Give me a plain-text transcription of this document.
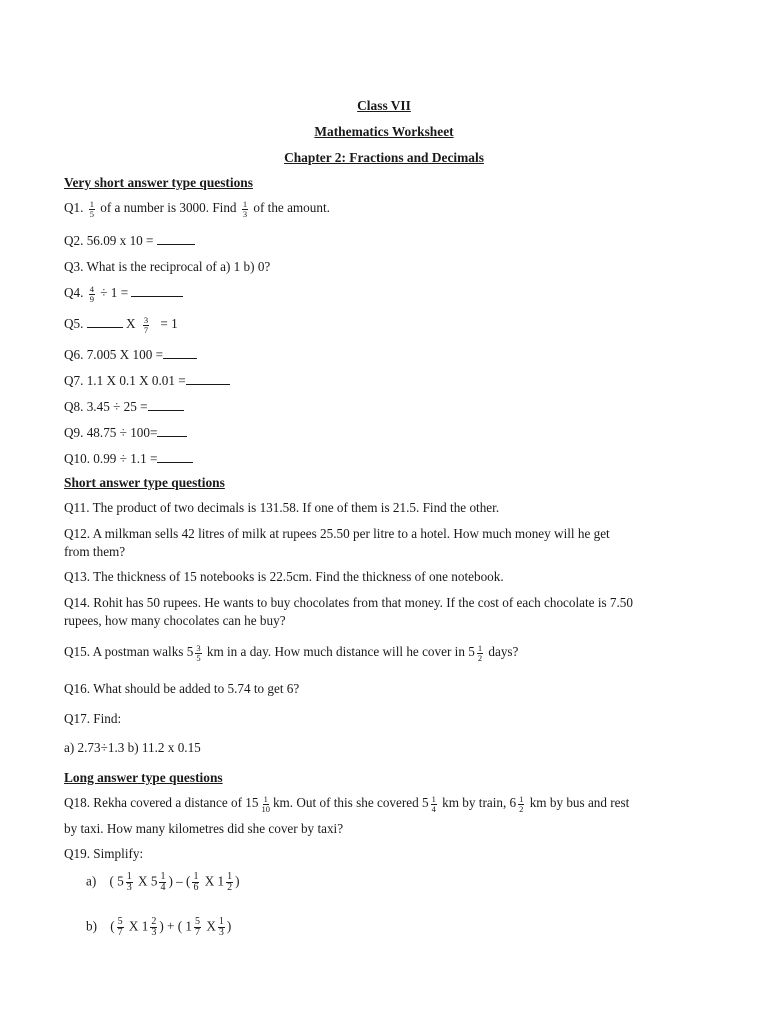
Class VII
Mathematics Worksheet
Chapter 2: Fractions and Decimals
Very short answer type questions
Q1. $\frac{1}{5}$ of a number is 3000. Find $\frac{1}{3}$ of the amount.
Q2. 56.09 x 10 =
Q3. What is the reciprocal of a) 1 b) 0?
Q4. $\frac{4}{9} \div 1$ =
Q5.	X $\frac{3}{7} = 1$
Q6. 7.005 X 100 =
Q7. 1.1 X 0.1 X 0.01 =
Q8. 3.45 ÷ 25 =
Q9. 48.75 ÷ 100=
Q10. 0.99 ÷ 1.1 =
Short answer type questions
Q11. The product of two decimals is 131.58. If one of them is 21.5. Find the other.
Q12. A milkman sells 42 litres of milk at rupees 25.50 per litre to a hotel. How much money will he get
from them?
Q13. The thickness of 15 notebooks is 22.5cm. Find the thickness of one notebook.
Q14. Rohit has 50 rupees. He wants to buy chocolates from that money. If the cost of each chocolate is 7.50
rupees, how many chocolates can he buy?
Q15. A postman walks $5 \frac{3}{5}$ km in a day. How much distance will he cover in $5 \frac{1}{2}$ days?
Q16. What should be added to 5.74 to get 6?
Q17. Find:
a) 2.73÷1.3 b) 11.2 x 0.15
Long answer type questions
Q18. Rekha covered a distance of $15 \frac{1}{10}$ km. Out of this she covered $5 \frac{1}{4}$ km by train, $6 \frac{1}{2}$ km by bus and rest
by taxi. How many kilometres did she cover by taxi?
Q19. Simplify:
a) ( $5 \frac{1}{3}$ X $5 \frac{1}{4}$ ) – ( $\frac{1}{6}$ X $1 \frac{1}{2}$ )
b) ( $\frac{5}{7}$ X $1 \frac{2}{3}$ ) + ( $1 \frac{5}{7}$ X $\frac{1}{3}$ )
